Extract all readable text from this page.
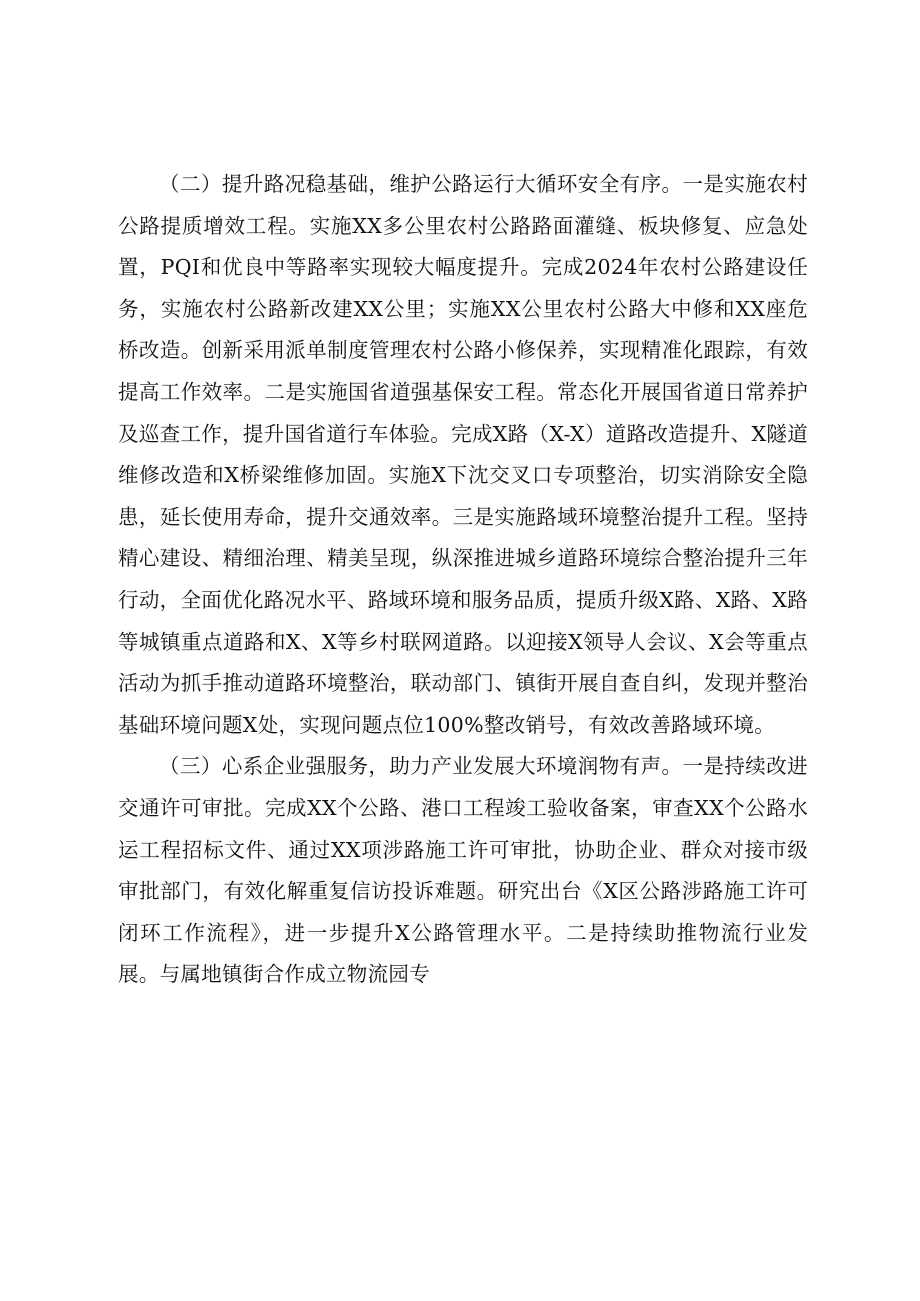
（二）提升路况稳基础，维护公路运行大循环安全有序。一是实施农村公路提质增效工程。实施XX多公里农村公路路面灌缝、板块修复、应急处置，PQI和优良中等路率实现较大幅度提升。完成2024年农村公路建设任务，实施农村公路新改建XX公里；实施XX公里农村公路大中修和XX座危桥改造。创新采用派单制度管理农村公路小修保养，实现精准化跟踪，有效提高工作效率。二是实施国省道强基保安工程。常态化开展国省道日常养护及巡查工作，提升国省道行车体验。完成X路（X-X）道路改造提升、X隧道维修改造和X桥梁维修加固。实施X下沈交叉口专项整治，切实消除安全隐患，延长使用寿命，提升交通效率。三是实施路域环境整治提升工程。坚持精心建设、精细治理、精美呈现，纵深推进城乡道路环境综合整治提升三年行动，全面优化路况水平、路域环境和服务品质，提质升级X路、X路、X路等城镇重点道路和X、X等乡村联网道路。以迎接X领导人会议、X会等重点活动为抓手推动道路环境整治，联动部门、镇街开展自查自纠，发现并整治基础环境问题X处，实现问题点位100%整改销号，有效改善路域环境。

（三）心系企业强服务，助力产业发展大环境润物有声。一是持续改进交通许可审批。完成XX个公路、港口工程竣工验收备案，审查XX个公路水运工程招标文件、通过XX项涉路施工许可审批，协助企业、群众对接市级审批部门，有效化解重复信访投诉难题。研究出台《X区公路涉路施工许可闭环工作流程》，进一步提升X公路管理水平。二是持续助推物流行业发展。与属地镇街合作成立物流园专
